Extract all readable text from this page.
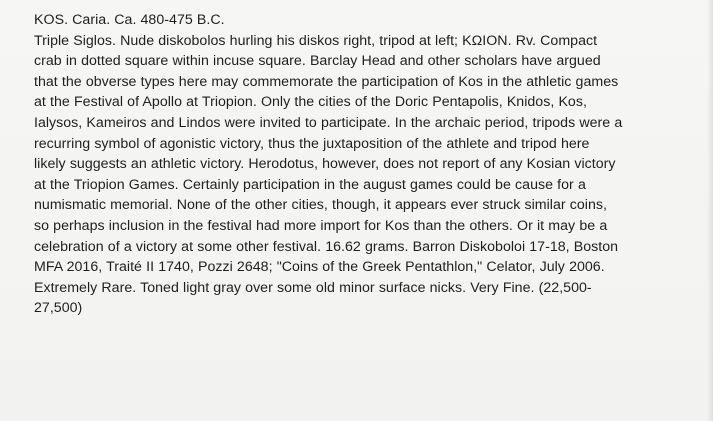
KOS. Caria. Ca. 480-475 B.C.

Triple Siglos. Nude diskobolos hurling his diskos right, tripod at left; ΚΩΙΟΝ. Rv. Compact
crab in dotted square within incuse square. Barclay Head and other scholars have argued
that the obverse types here may commemorate the participation of Kos in the athletic games
at the Festival of Apollo at Triopion. Only the cities of the Doric Pentapolis, Knidos, Kos,
Ialysos, Kameiros and Lindos were invited to participate. In the archaic period, tripods were a
recurring symbol of agonistic victory, thus the juxtaposition of the athlete and tripod here
likely suggests an athletic victory. Herodotus, however, does not report of any Kosian victory
at the Triopion Games. Certainly participation in the august games could be cause for a
numismatic memorial. None of the other cities, though, it appears ever struck similar coins,
so perhaps inclusion in the festival had more import for Kos than the others. Or it may be a
celebration of a victory at some other festival. 16.62 grams. Barron Diskoboloi 17-18, Boston
MFA 2016, Traité II 1740, Pozzi 2648; "Coins of the Greek Pentathlon," Celator, July 2006.
Extremely Rare. Toned light gray over some old minor surface nicks. Very Fine. (22,500-
27,500)
